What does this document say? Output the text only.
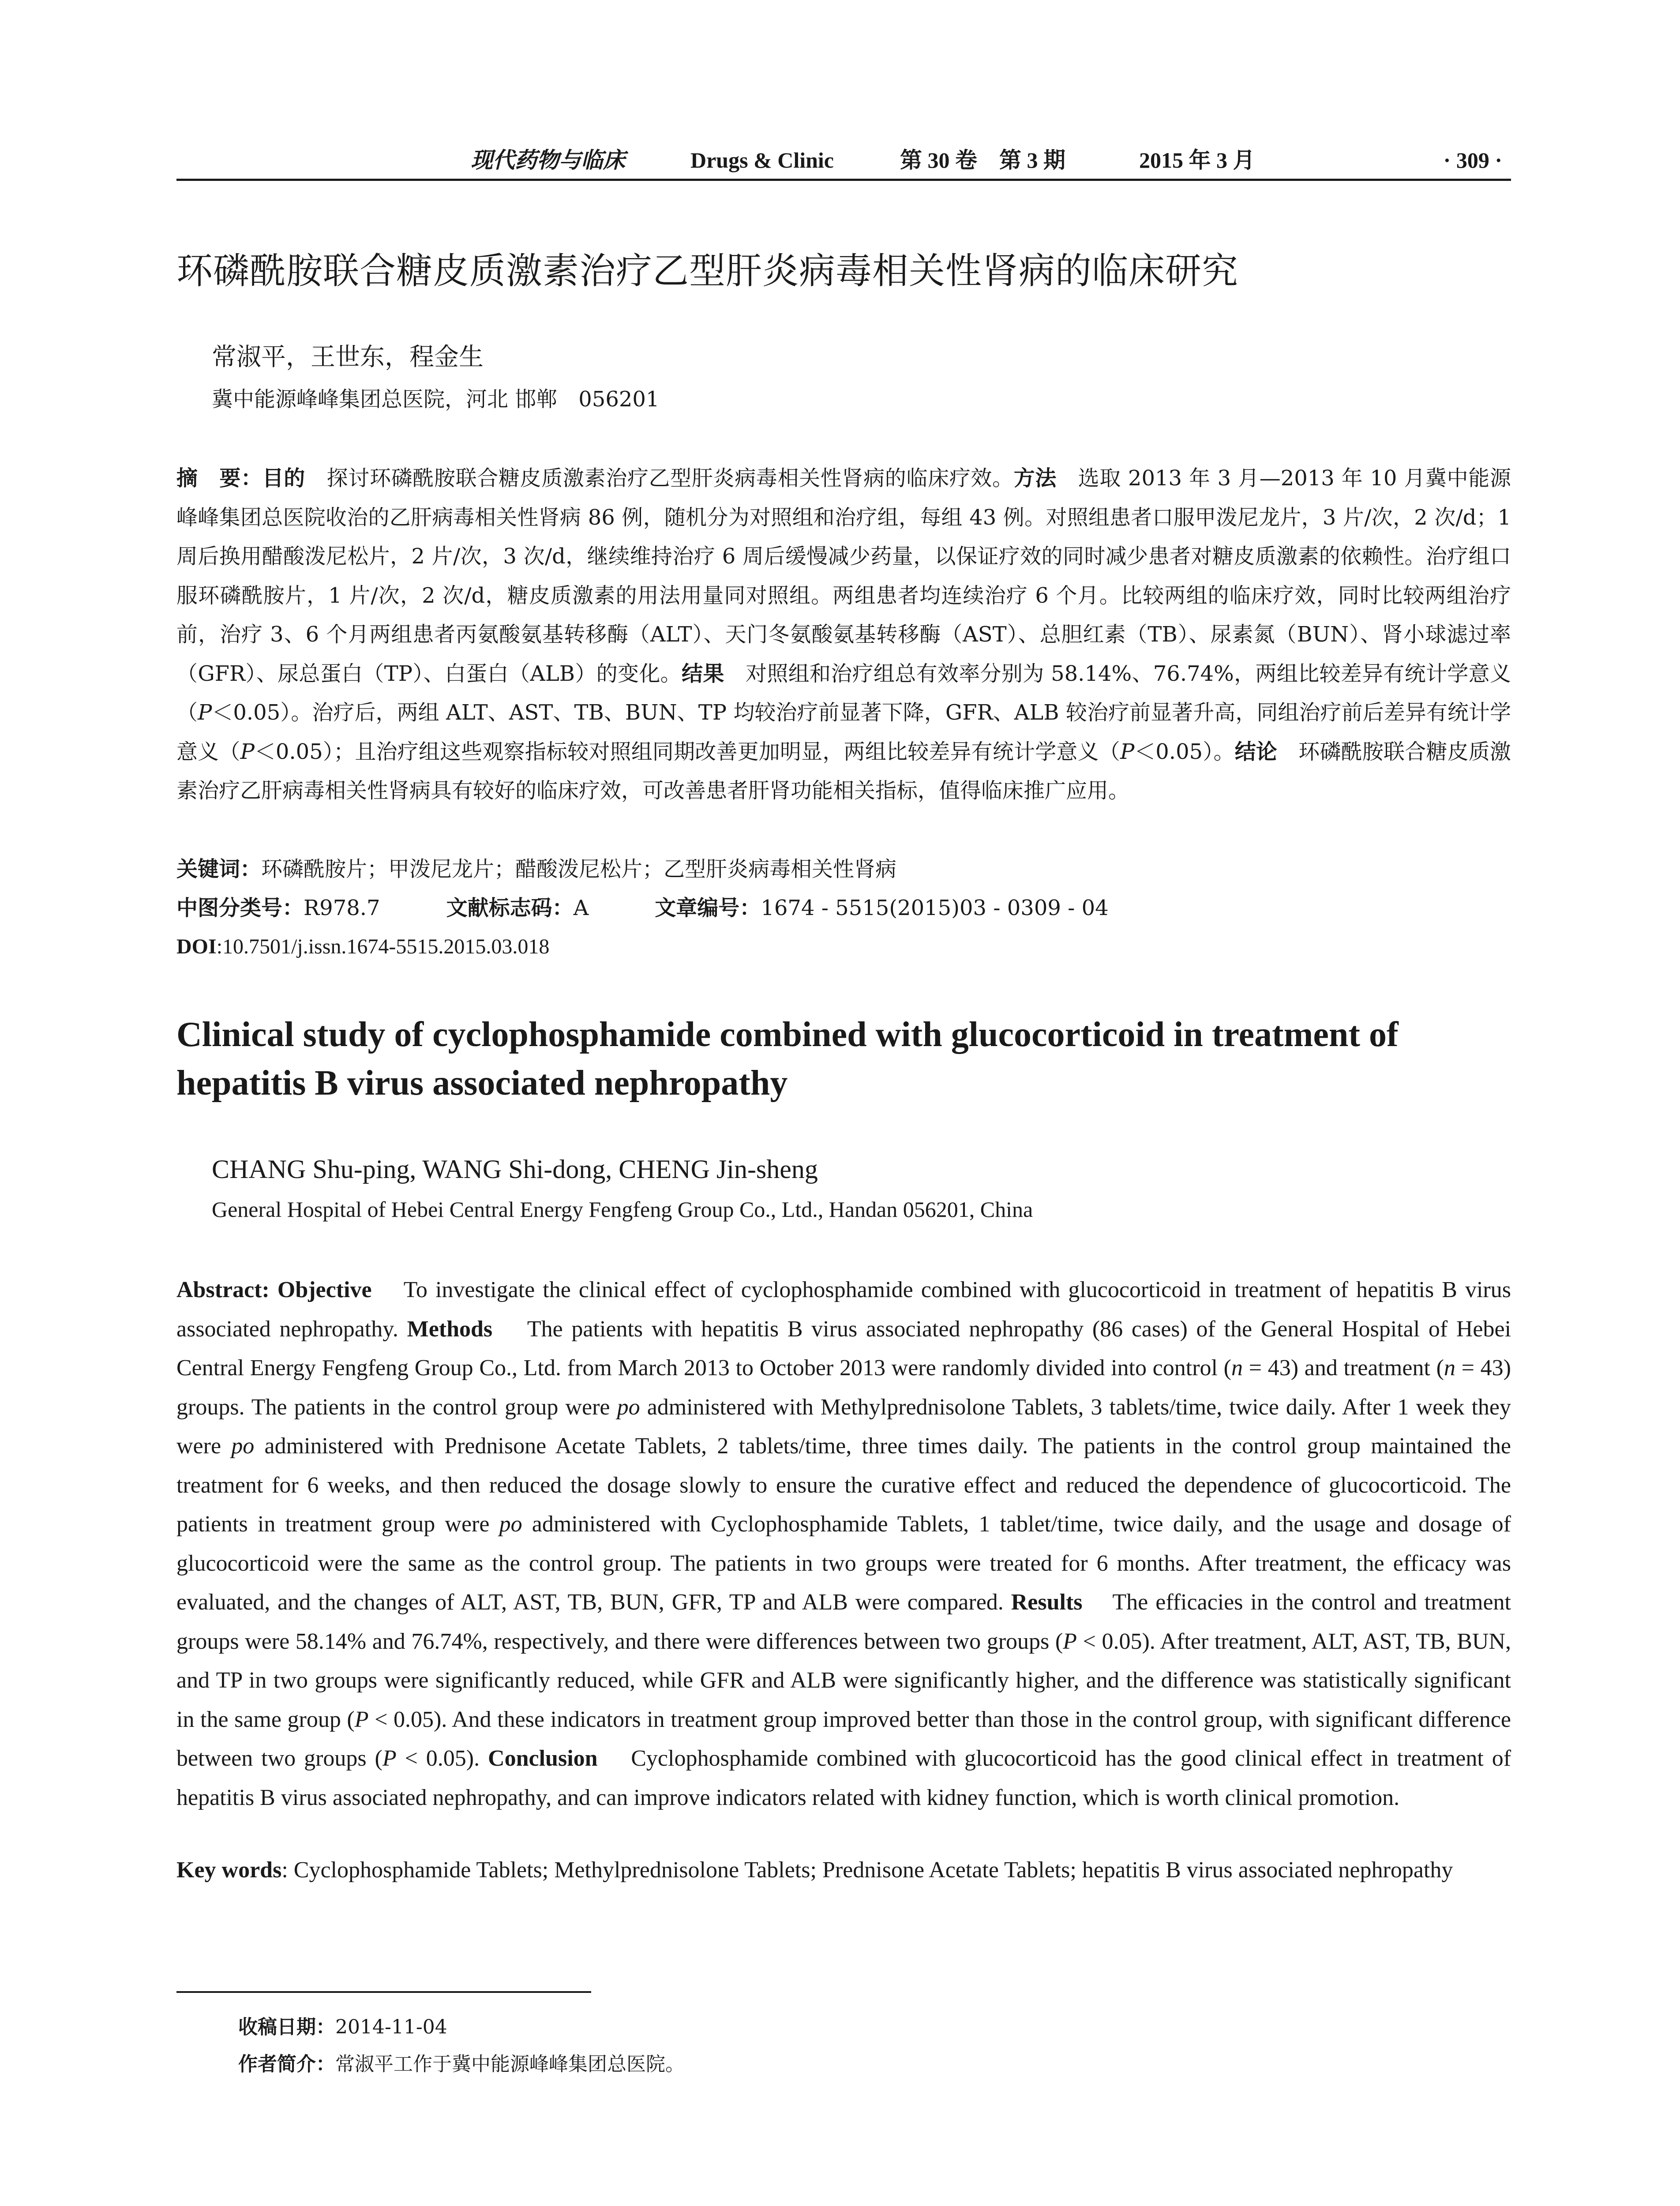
现代药物与临床	Drugs & Clinic	第 30 卷　第 3 期	2015 年 3 月	· 309 ·
环磷酰胺联合糖皮质激素治疗乙型肝炎病毒相关性肾病的临床研究
常淑平，王世东，程金生
冀中能源峰峰集团总医院，河北 邯郸　056201
摘　要：目的　 探讨环磷酰胺联合糖皮质激素治疗乙型肝炎病毒相关性肾病的临床疗效。方法　 选取 2013 年 3 月—2013 年 10 月冀中能源峰峰集团总医院收治的乙肝病毒相关性肾病 86 例，随机分为对照组和治疗组，每组 43 例。对照组患者口服甲泼尼龙片，3 片/次，2 次/d；1 周后换用醋酸泼尼松片，2 片/次，3 次/d，继续维持治疗 6 周后缓慢减少药量，以保证疗效的同时减少患者对糖皮质激素的依赖性。治疗组口服环磷酰胺片，1 片/次，2 次/d，糖皮质激素的用法用量同对照组。两组患者均连续治疗 6 个月。比较两组的临床疗效，同时比较两组治疗前，治疗 3、6 个月两组患者丙氨酸氨基转移酶（ALT）、天门冬氨酸氨基转移酶（AST）、总胆红素（TB）、尿素氮（BUN）、肾小球滤过率（GFR）、尿总蛋白（TP）、白蛋白（ALB）的变化。结果　 对照组和治疗组总有效率分别为 58.14%、76.74%，两组比较差异有统计学意义（P＜0.05）。治疗后，两组 ALT、AST、TB、BUN、TP 均较治疗前显著下降，GFR、ALB 较治疗前显著升高，同组治疗前后差异有统计学意义（P＜0.05）；且治疗组这些观察指标较对照组同期改善更加明显，两组比较差异有统计学意义（P＜0.05）。结论　 环磷酰胺联合糖皮质激素治疗乙肝病毒相关性肾病具有较好的临床疗效，可改善患者肝肾功能相关指标，值得临床推广应用。
关键词：环磷酰胺片；甲泼尼龙片；醋酸泼尼松片；乙型肝炎病毒相关性肾病
中图分类号：R978.7	文献标志码：A	文章编号：1674 - 5515(2015)03 - 0309 - 04
DOI:10.7501/j.issn.1674-5515.2015.03.018
Clinical study of cyclophosphamide combined with glucocorticoid in treatment of hepatitis B virus associated nephropathy
CHANG Shu-ping, WANG Shi-dong, CHENG Jin-sheng
General Hospital of Hebei Central Energy Fengfeng Group Co., Ltd., Handan 056201, China
Abstract: Objective To investigate the clinical effect of cyclophosphamide combined with glucocorticoid in treatment of hepatitis B virus associated nephropathy. Methods The patients with hepatitis B virus associated nephropathy (86 cases) of the General Hospital of Hebei Central Energy Fengfeng Group Co., Ltd. from March 2013 to October 2013 were randomly divided into control (n = 43) and treatment (n = 43) groups. The patients in the control group were po administered with Methylprednisolone Tablets, 3 tablets/time, twice daily. After 1 week they were po administered with Prednisone Acetate Tablets, 2 tablets/time, three times daily. The patients in the control group maintained the treatment for 6 weeks, and then reduced the dosage slowly to ensure the curative effect and reduced the dependence of glucocorticoid. The patients in treatment group were po administered with Cyclophosphamide Tablets, 1 tablet/time, twice daily, and the usage and dosage of glucocorticoid were the same as the control group. The patients in two groups were treated for 6 months. After treatment, the efficacy was evaluated, and the changes of ALT, AST, TB, BUN, GFR, TP and ALB were compared. Results The efficacies in the control and treatment groups were 58.14% and 76.74%, respectively, and there were differences between two groups (P < 0.05). After treatment, ALT, AST, TB, BUN, and TP in two groups were significantly reduced, while GFR and ALB were significantly higher, and the difference was statistically significant in the same group (P < 0.05). And these indicators in treatment group improved better than those in the control group, with significant difference between two groups (P < 0.05). Conclusion Cyclophosphamide combined with glucocorticoid has the good clinical effect in treatment of hepatitis B virus associated nephropathy, and can improve indicators related with kidney function, which is worth clinical promotion.
Key words: Cyclophosphamide Tablets; Methylprednisolone Tablets; Prednisone Acetate Tablets; hepatitis B virus associated nephropathy
收稿日期：2014-11-04
作者简介：常淑平工作于冀中能源峰峰集团总医院。
